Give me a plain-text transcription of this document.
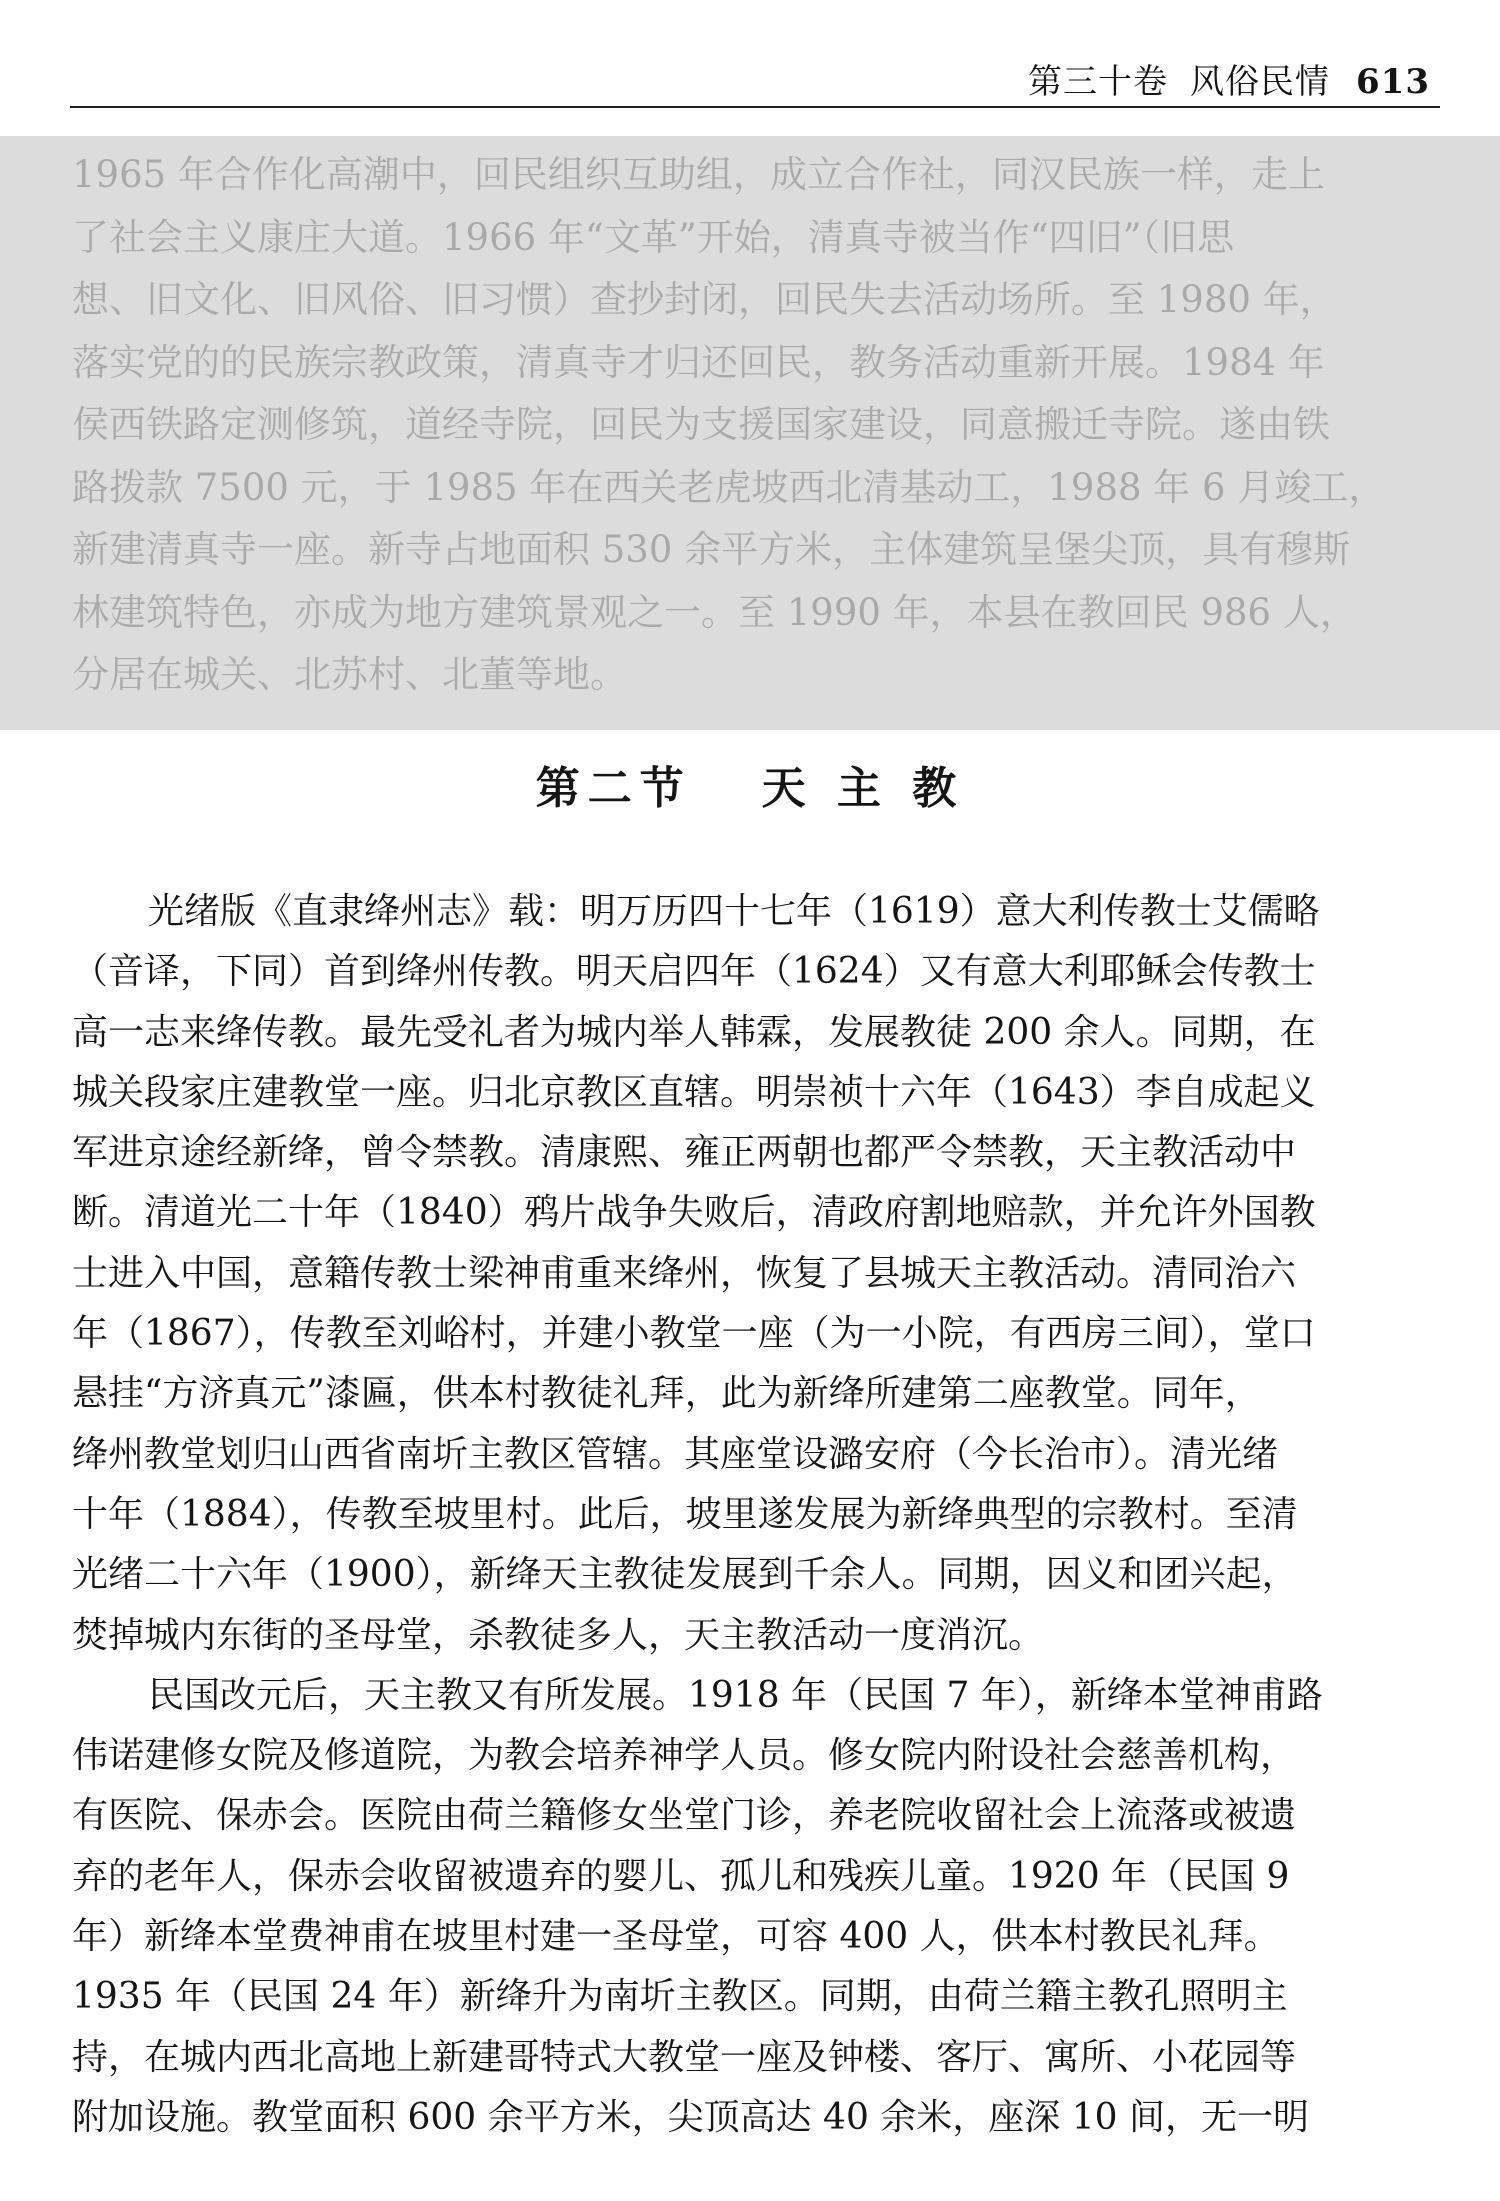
第三十卷 风俗民情 613
1965 年合作化高潮中，回民组织互助组，成立合作社，同汉民族一样，走上
了社会主义康庄大道。1966 年“文革”开始，清真寺被当作“四旧”（旧思
想、旧文化、旧风俗、旧习惯）查抄封闭，回民失去活动场所。至 1980 年，
落实党的的民族宗教政策，清真寺才归还回民，教务活动重新开展。1984 年
侯西铁路定测修筑，道经寺院，回民为支援国家建设，同意搬迁寺院。遂由铁
路拨款 7500 元，于 1985 年在西关老虎坡西北清基动工，1988 年 6 月竣工，
新建清真寺一座。新寺占地面积 530 余平方米，主体建筑呈堡尖顶，具有穆斯
林建筑特色，亦成为地方建筑景观之一。至 1990 年，本县在教回民 986 人，
分居在城关、北苏村、北董等地。
第二节   天 主 教
光绪版《直隶绛州志》载：明万历四十七年（1619）意大利传教士艾儒略
（音译，下同）首到绛州传教。明天启四年（1624）又有意大利耶稣会传教士
高一志来绛传教。最先受礼者为城内举人韩霖，发展教徒 200 余人。同期，在
城关段家庄建教堂一座。归北京教区直辖。明崇祯十六年（1643）李自成起义
军进京途经新绛，曾令禁教。清康熙、雍正两朝也都严令禁教，天主教活动中
断。清道光二十年（1840）鸦片战争失败后，清政府割地赔款，并允许外国教
士进入中国，意籍传教士梁神甫重来绛州，恢复了县城天主教活动。清同治六
年（1867），传教至刘峪村，并建小教堂一座（为一小院，有西房三间），堂口
悬挂“方济真元”漆匾，供本村教徒礼拜，此为新绛所建第二座教堂。同年，
绛州教堂划归山西省南圻主教区管辖。其座堂设潞安府（今长治市）。清光绪
十年（1884），传教至坡里村。此后，坡里遂发展为新绛典型的宗教村。至清
光绪二十六年（1900），新绛天主教徒发展到千余人。同期，因义和团兴起，
焚掉城内东街的圣母堂，杀教徒多人，天主教活动一度消沉。
民国改元后，天主教又有所发展。1918 年（民国 7 年），新绛本堂神甫路
伟诺建修女院及修道院，为教会培养神学人员。修女院内附设社会慈善机构，
有医院、保赤会。医院由荷兰籍修女坐堂门诊，养老院收留社会上流落或被遗
弃的老年人，保赤会收留被遗弃的婴儿、孤儿和残疾儿童。1920 年（民国 9
年）新绛本堂费神甫在坡里村建一圣母堂，可容 400 人，供本村教民礼拜。
1935 年（民国 24 年）新绛升为南圻主教区。同期，由荷兰籍主教孔照明主
持，在城内西北高地上新建哥特式大教堂一座及钟楼、客厅、寓所、小花园等
附加设施。教堂面积 600 余平方米，尖顶高达 40 余米，座深 10 间，无一明
